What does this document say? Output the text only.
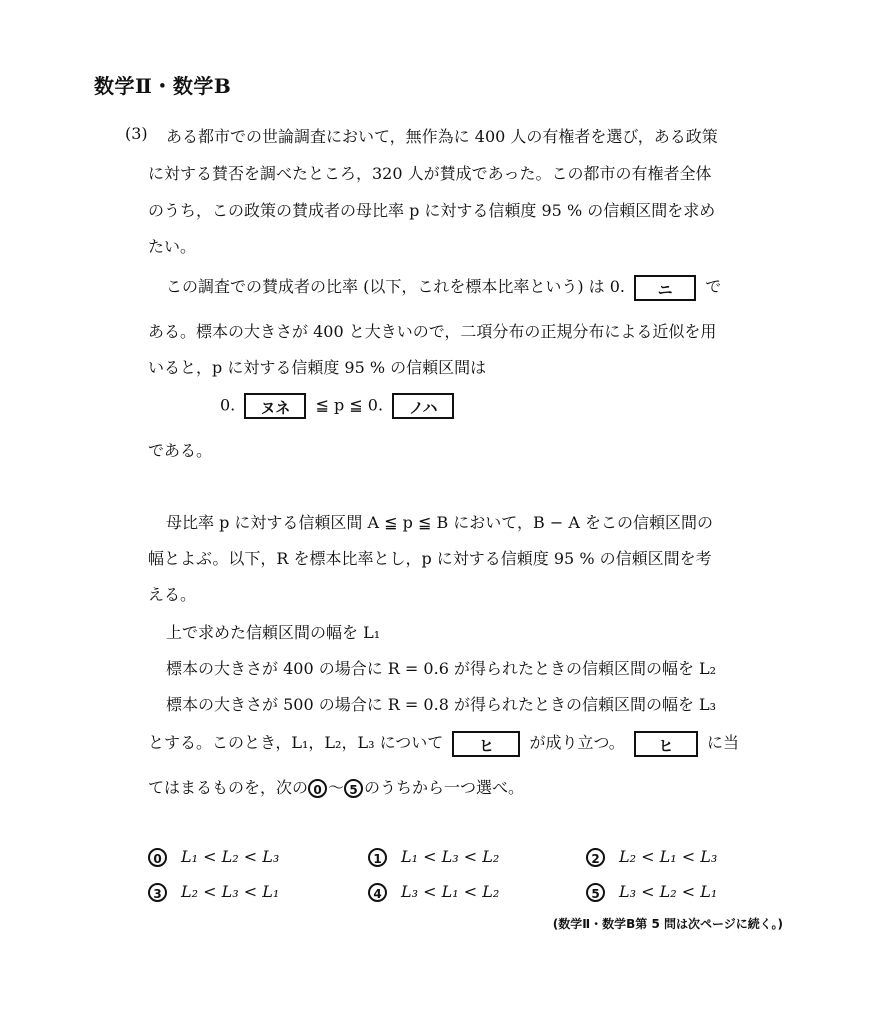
数学Ⅱ・数学B
(3) ある都市での世論調査において，無作為に 400 人の有権者を選び，ある政策
に対する賛否を調べたところ，320 人が賛成であった。この都市の有権者全体
のうち，この政策の賛成者の母比率 p に対する信頼度 95 % の信頼区間を求め
たい。
この調査での賛成者の比率 (以下，これを標本比率という) は 0. ニ で
ある。標本の大きさが 400 と大きいので，二項分布の正規分布による近似を用
いると，p に対する信頼度 95 % の信頼区間は
0. ヌネ ≦ p ≦ 0. ノハ
である。
母比率 p に対する信頼区間 A ≦ p ≦ B において，B − A をこの信頼区間の
幅とよぶ。以下，R を標本比率とし，p に対する信頼度 95 % の信頼区間を考
える。
上で求めた信頼区間の幅を L₁
標本の大きさが 400 の場合に R = 0.6 が得られたときの信頼区間の幅を L₂
標本の大きさが 500 の場合に R = 0.8 が得られたときの信頼区間の幅を L₃
とする。このとき，L₁，L₂，L₃ について ヒ が成り立つ。 ヒ に当
てはまるものを，次の 0 ～ 5 のうちから一つ選べ。
0 L₁ < L₂ < L₃	1 L₁ < L₃ < L₂	2 L₂ < L₁ < L₃
3 L₂ < L₃ < L₁	4 L₃ < L₁ < L₂	5 L₃ < L₂ < L₁
(数学Ⅱ・数学B第 5 問は次ページに続く。)
